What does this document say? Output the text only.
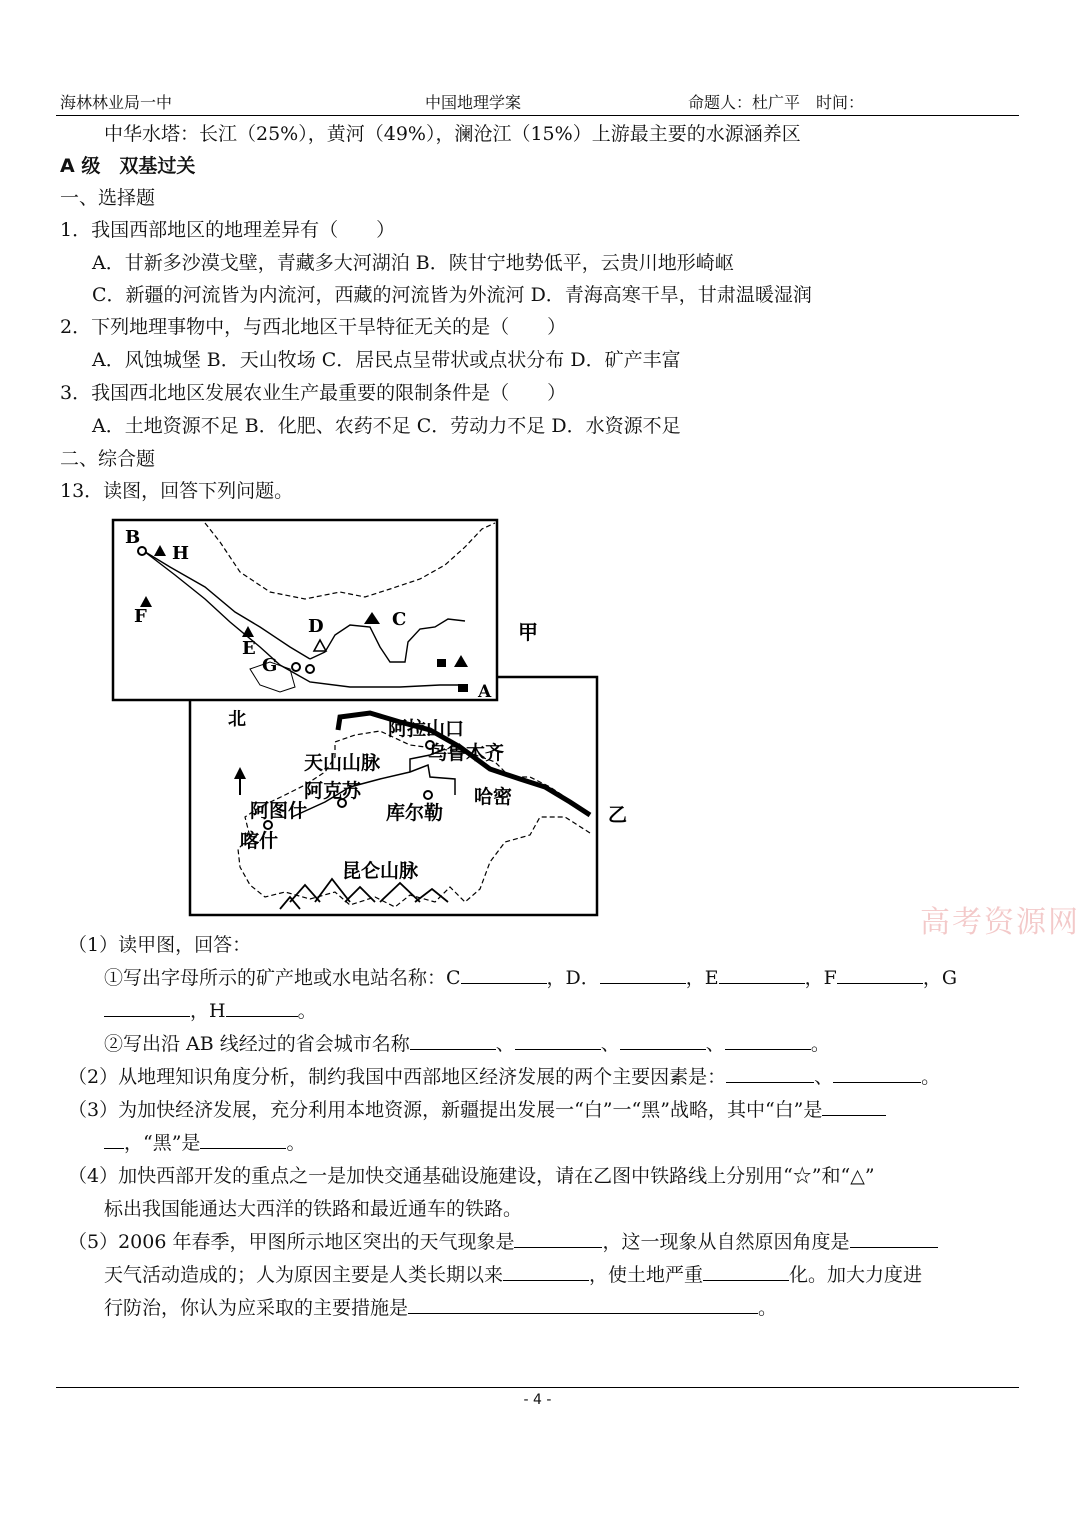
海林林业局一中	中国地理学案	命题人：杜广平　时间：
中华水塔：长江（25%），黄河（49%），澜沧江（15%）上游最主要的水源涵养区
A 级　双基过关
一、选择题
1．我国西部地区的地理差异有（　　）
A．甘新多沙漠戈壁，青藏多大河湖泊 B．陕甘宁地势低平，云贵川地形崎岖
C．新疆的河流皆为内流河，西藏的河流皆为外流河 D．青海高寒干旱，甘肃温暖湿润
2．下列地理事物中，与西北地区干旱特征无关的是（　　）
A．风蚀城堡 B．天山牧场 C．居民点呈带状或点状分布 D．矿产丰富
3．我国西北地区发展农业生产最重要的限制条件是（　　）
A．土地资源不足 B．化肥、农药不足 C．劳动力不足 D．水资源不足
二、综合题
13．读图，回答下列问题。
B
H
F	D	C
E
G
A
甲
北	阿拉山口
乌鲁木齐
天山山脉
阿克苏	哈密
阿图什	库尔勒
喀什
昆仑山脉
乙
高考资源网
（1）读甲图，回答：
①写出字母所示的矿产地或水电站名称：C	，D．	，E	，F	，G
，H	。
②写出沿 AB 线经过的省会城市名称	、	、	、	。
（2）从地理知识角度分析，制约我国中西部地区经济发展的两个主要因素是：	、	。
（3）为加快经济发展，充分利用本地资源，新疆提出发展一“白”一“黑”战略，其中“白”是
，“黑”是	。
（4）加快西部开发的重点之一是加快交通基础设施建设，请在乙图中铁路线上分别用“☆”和“△”
标出我国能通达大西洋的铁路和最近通车的铁路。
（5）2006 年春季，甲图所示地区突出的天气现象是	，这一现象从自然原因角度是
天气活动造成的；人为原因主要是人类长期以来	，使土地严重	化。加大力度进
行防治，你认为应采取的主要措施是	。
- 4 -
